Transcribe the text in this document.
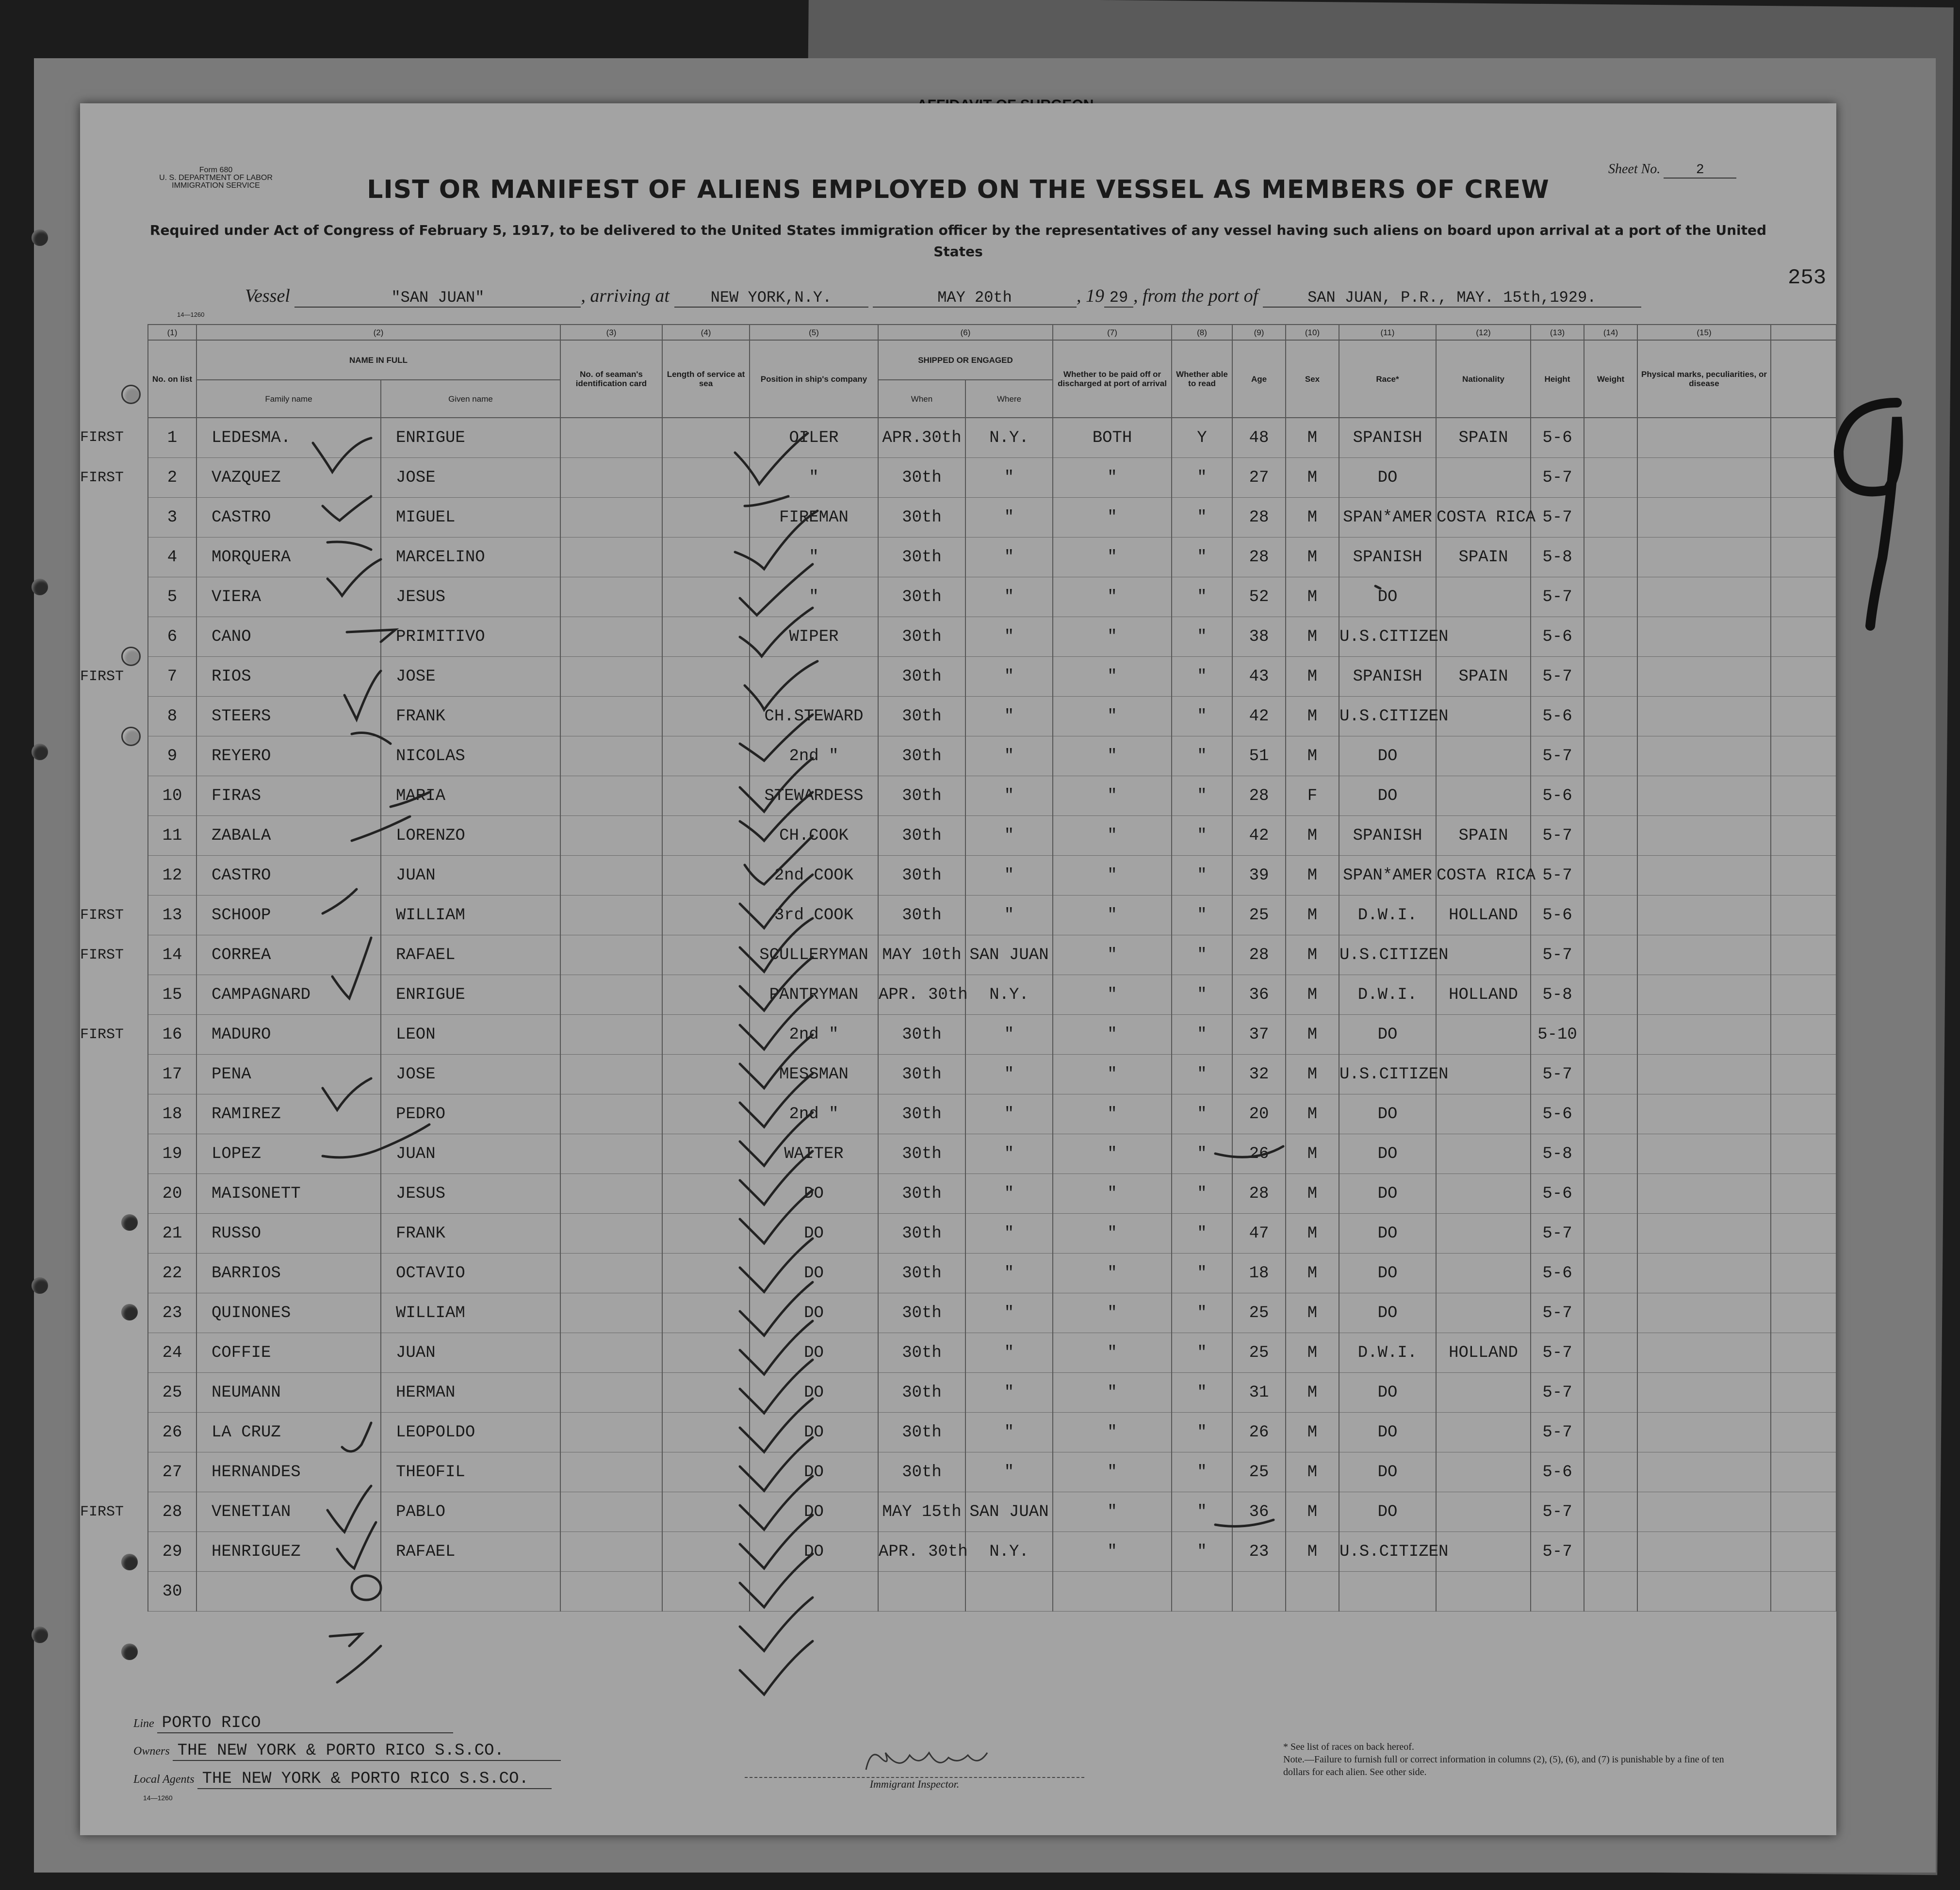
Form 680
U. S. DEPARTMENT OF LABOR
IMMIGRATION SERVICE
Sheet No.	2
LIST OR MANIFEST OF ALIENS EMPLOYED ON THE VESSEL AS MEMBERS OF CREW
Required under Act of Congress of February 5, 1917, to be delivered to the United States immigration officer by the representatives of any vessel having such aliens on board upon arrival at a port of the United States
253
14—1260
Vessel	"SAN JUAN"	, arriving at	NEW YORK,N.Y.	MAY 20th	, 19 29 , from the port of	SAN JUAN, P.R., MAY. 15th,1929.
	(1)	(2)		(3)	(4)	(5)	(6)		(7)	(8)	(9)	(10)	(11)	(12)	(13)	(14)	(15)	
	No. on list	NAME IN FULL		No. of seaman's identification card	Length of service at sea	Position in ship's company	SHIPPED OR ENGAGED		Whether to be paid off or discharged at port of arrival	Whether able to read	Age	Sex	Race*	Nationality	Height	Weight	Physical marks, peculiarities, or disease	
		Family name	Given name				When	Where										
FIRST	1	LEDESMA.	ENRIGUE			OILER	APR.30th	N.Y.	BOTH	Y	48	M	SPANISH	SPAIN	5-6			
FIRST	2	VAZQUEZ	JOSE			"	30th	"	"	"	27	M	DO		5-7			
	3	CASTRO	MIGUEL			FIREMAN	30th	"	"	"	28	M	SPAN*AMER	COSTA RICA	5-7			
	4	MORQUERA	MARCELINO			"	30th	"	"	"	28	M	SPANISH	SPAIN	5-8			
	5	VIERA	JESUS			"	30th	"	"	"	52	M	DO		5-7			
	6	CANO	PRIMITIVO			WIPER	30th	"	"	"	38	M	U.S.CITIZEN		5-6			
FIRST	7	RIOS	JOSE				30th	"	"	"	43	M	SPANISH	SPAIN	5-7			
	8	STEERS	FRANK			CH.STEWARD	30th	"	"	"	42	M	U.S.CITIZEN		5-6			
	9	REYERO	NICOLAS			2nd "	30th	"	"	"	51	M	DO		5-7			
	10	FIRAS	MARIA			STEWARDESS	30th	"	"	"	28	F	DO		5-6			
	11	ZABALA	LORENZO			CH.COOK	30th	"	"	"	42	M	SPANISH	SPAIN	5-7			
	12	CASTRO	JUAN			2nd COOK	30th	"	"	"	39	M	SPAN*AMER	COSTA RICA	5-7			
FIRST	13	SCHOOP	WILLIAM			3rd COOK	30th	"	"	"	25	M	D.W.I.	HOLLAND	5-6			
FIRST	14	CORREA	RAFAEL			SCULLERYMAN	MAY 10th	SAN JUAN	"	"	28	M	U.S.CITIZEN		5-7			
	15	CAMPAGNARD	ENRIGUE			PANTRYMAN	APR. 30th	N.Y.	"	"	36	M	D.W.I.	HOLLAND	5-8			
FIRST	16	MADURO	LEON			2nd "	30th	"	"	"	37	M	DO		5-10			
	17	PENA	JOSE			MESSMAN	30th	"	"	"	32	M	U.S.CITIZEN		5-7			
	18	RAMIREZ	PEDRO			2nd "	30th	"	"	"	20	M	DO		5-6			
	19	LOPEZ	JUAN			WAITER	30th	"	"	"	26	M	DO		5-8			
	20	MAISONETT	JESUS			DO	30th	"	"	"	28	M	DO		5-6			
	21	RUSSO	FRANK			DO	30th	"	"	"	47	M	DO		5-7			
	22	BARRIOS	OCTAVIO			DO	30th	"	"	"	18	M	DO		5-6			
	23	QUINONES	WILLIAM			DO	30th	"	"	"	25	M	DO		5-7			
	24	COFFIE	JUAN			DO	30th	"	"	"	25	M	D.W.I.	HOLLAND	5-7			
	25	NEUMANN	HERMAN			DO	30th	"	"	"	31	M	DO		5-7			
	26	LA CRUZ	LEOPOLDO			DO	30th	"	"	"	26	M	DO		5-7			
	27	HERNANDES	THEOFIL			DO	30th	"	"	"	25	M	DO		5-6			
FIRST	28	VENETIAN	PABLO			DO	MAY 15th	SAN JUAN	"	"	36	M	DO		5-7			
	29	HENRIGUEZ	RAFAEL			DO	APR. 30th	N.Y.	"	"	23	M	U.S.CITIZEN		5-7			
	30																	
Line PORTO RICO
Owners THE NEW YORK & PORTO RICO S.S.CO.
Local Agents THE NEW YORK & PORTO RICO S.S.CO.
14—1260
Immigrant Inspector.
* See list of races on back hereof.
Note.—Failure to furnish full or correct information in columns (2), (5), (6), and (7) is punishable by a fine of ten dollars for each alien. See other side.
